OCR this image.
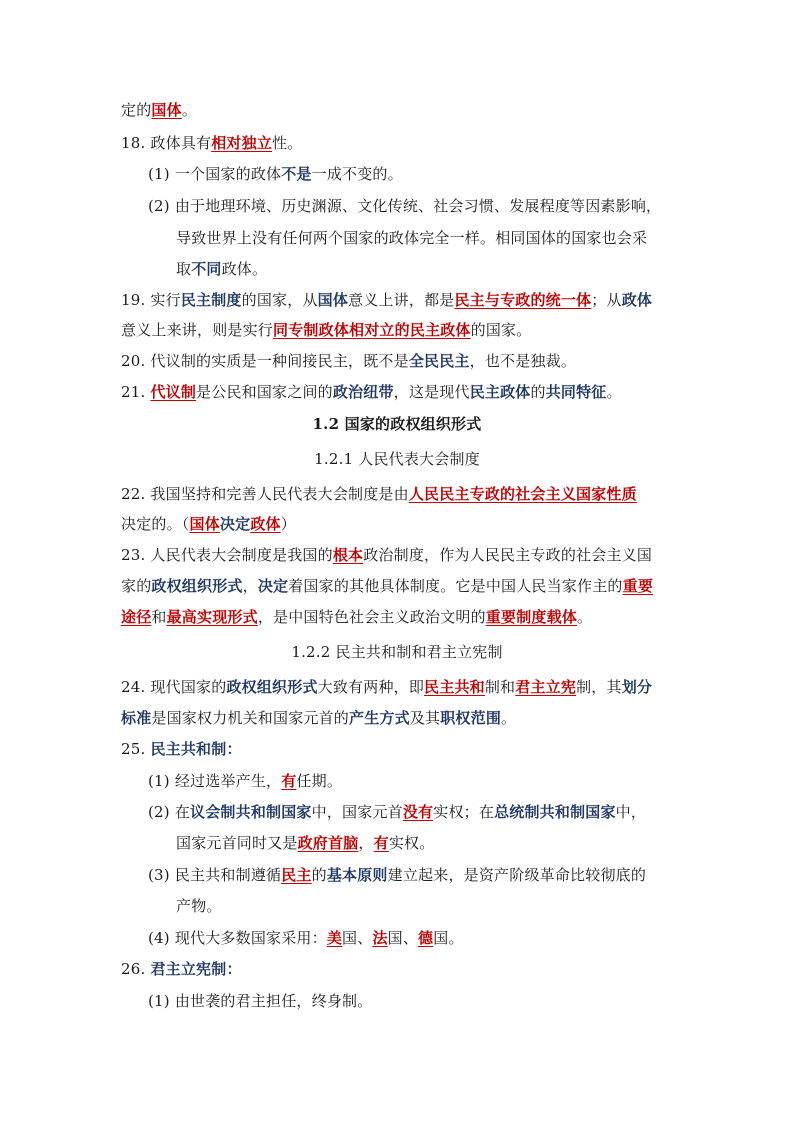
定的国体。
18. 政体具有相对独立性。
(1) 一个国家的政体不是一成不变的。
(2) 由于地理环境、历史渊源、文化传统、社会习惯、发展程度等因素影响，
导致世界上没有任何两个国家的政体完全一样。相同国体的国家也会采
取不同政体。
19. 实行民主制度的国家，从国体意义上讲，都是民主与专政的统一体；从政体
意义上来讲，则是实行同专制政体相对立的民主政体的国家。
20. 代议制的实质是一种间接民主，既不是全民民主，也不是独裁。
21. 代议制是公民和国家之间的政治纽带，这是现代民主政体的共同特征。
1.2 国家的政权组织形式
1.2.1 人民代表大会制度
22. 我国坚持和完善人民代表大会制度是由人民民主专政的社会主义国家性质
决定的。（国体决定政体）
23. 人民代表大会制度是我国的根本政治制度，作为人民民主专政的社会主义国
家的政权组织形式，决定着国家的其他具体制度。它是中国人民当家作主的重要
途径和最高实现形式，是中国特色社会主义政治文明的重要制度载体。
1.2.2 民主共和制和君主立宪制
24. 现代国家的政权组织形式大致有两种，即民主共和制和君主立宪制，其划分
标准是国家权力机关和国家元首的产生方式及其职权范围。
25. 民主共和制：
(1) 经过选举产生，有任期。
(2) 在议会制共和制国家中，国家元首没有实权；在总统制共和制国家中，
国家元首同时又是政府首脑，有实权。
(3) 民主共和制遵循民主的基本原则建立起来，是资产阶级革命比较彻底的
产物。
(4) 现代大多数国家采用：美国、法国、德国。
26. 君主立宪制：
(1) 由世袭的君主担任，终身制。
